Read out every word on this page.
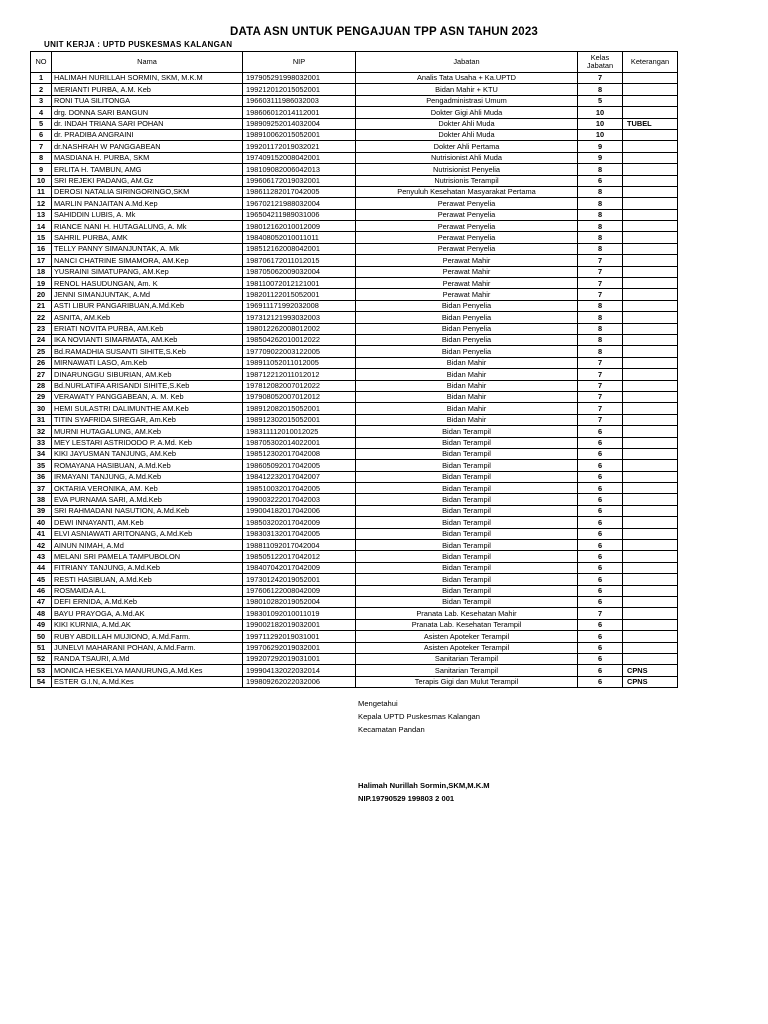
DATA ASN UNTUK PENGAJUAN TPP ASN TAHUN 2023
UNIT KERJA : UPTD PUSKESMAS KALANGAN
NO	Nama	NIP	Jabatan	Kelas
Jabatan	Keterangan
1	HALIMAH NURILLAH SORMIN, SKM, M.K.M	197905291998032001	Analis Tata Usaha + Ka.UPTD	7	
2	MERIANTI PURBA, A.M. Keb	199212012015052001	Bidan Mahir + KTU	8	
3	RONI TUA SILITONGA	196603111986032003	Pengadministrasi Umum	5	
4	drg. DONNA SARI BANGUN	198606012014112001	Dokter Gigi Ahli Muda	10	
5	dr. INDAH TRIANA SARI POHAN	198909252014032004	Dokter Ahli Muda	10	TUBEL
6	dr. PRADIBA ANGRAINI	198910062015052001	Dokter Ahli Muda	10	
7	dr.NASHRAH W PANGGABEAN	199201172019032021	Dokter Ahli Pertama	9	
8	MASDIANA H. PURBA, SKM	197409152008042001	Nutrisionist Ahli Muda	9	
9	ERLITA H. TAMBUN, AMG	198109082006042013	Nutrisionist Penyelia	8	
10	SRI REJEKI PADANG, AM.Gz	199606172019032001	Nutrisionis Terampil	6	
11	DEROSI NATALIA SIRINGORINGO,SKM	198611282017042005	Penyuluh Kesehatan Masyarakat Pertama	8	
12	MARLIN PANJAITAN A.Md.Kep	196702121988032004	Perawat Penyelia	8	
13	SAHIDDIN LUBIS, A. Mk	196504211989031006	Perawat Penyelia	8	
14	RIANCE NANI H. HUTAGALUNG, A. Mk	198012162010012009	Perawat Penyelia	8	
15	SAHRIL PURBA, AMK	198408052010011011	Perawat Penyelia	8	
16	TELLY PANNY SIMANJUNTAK, A. Mk	198512162008042001	Perawat Penyelia	8	
17	NANCI CHATRINE SIMAMORA, AM.Kep	198706172011012015	Perawat Mahir	7	
18	YUSRAINI SIMATUPANG, AM.Kep	198705062009032004	Perawat Mahir	7	
19	RENOL HASUDUNGAN, Am. K	198110072012121001	Perawat Mahir	7	
20	JENNI SIMANJUNTAK, A.Md	198201122015052001	Perawat Mahir	7	
21	ASTI LIBUR PANGARIBUAN,A.Md.Keb	196911171992032008	Bidan Penyelia	8	
22	ASNITA, AM.Keb	197312121993032003	Bidan Penyelia	8	
23	ERIATI NOVITA PURBA, AM.Keb	198012262008012002	Bidan Penyelia	8	
24	IKA NOVIANTI SIMARMATA, AM.Keb	198504262010012022	Bidan Penyelia	8	
25	Bd.RAMADHIA SUSANTI SIHITE,S.Keb	197709022003122005	Bidan Penyelia	8	
26	MIRNAWATI LASO, Am.Keb	198911052011012005	Bidan Mahir	7	
27	DINARUNGGU SIBURIAN, AM.Keb	198712212011012012	Bidan Mahir	7	
28	Bd.NURLATIFA ARISANDI SIHITE,S.Keb	197812082007012022	Bidan Mahir	7	
29	VERAWATY PANGGABEAN, A. M. Keb	197908052007012012	Bidan Mahir	7	
30	HEMI SULASTRI DALIMUNTHE AM.Keb	198912082015052001	Bidan Mahir	7	
31	TITIN SYAFRIDA SIREGAR, Am.Keb	198912302015052001	Bidan Mahir	7	
32	MURNI HUTAGALUNG, AM.Keb	198311112010012025	Bidan Terampil	6	
33	MEY LESTARI ASTRIDODO P. A.Md. Keb	198705302014022001	Bidan Terampil	6	
34	KIKI JAYUSMAN TANJUNG, AM.Keb	198512302017042008	Bidan Terampil	6	
35	ROMAYANA HASIBUAN, A.Md.Keb	198605092017042005	Bidan Terampil	6	
36	IRMAYANI TANJUNG, A.Md.Keb	198412232017042007	Bidan Terampil	6	
37	OKTARIA VERONIKA, AM. Keb	198510032017042005	Bidan Terampil	6	
38	EVA PURNAMA SARI, A.Md.Keb	199003222017042003	Bidan Terampil	6	
39	SRI RAHMADANI NASUTION, A.Md.Keb	199004182017042006	Bidan Terampil	6	
40	DEWI INNAYANTI, AM.Keb	198503202017042009	Bidan Terampil	6	
41	ELVI ASNIAWATI ARITONANG, A.Md.Keb	198303132017042005	Bidan Terampil	6	
42	AINUN NIMAH, A.Md	198811092017042004	Bidan Terampil	6	
43	MELANI SRI PAMELA TAMPUBOLON	198505122017042012	Bidan Terampil	6	
44	FITRIANY TANJUNG, A.Md.Keb	198407042017042009	Bidan Terampil	6	
45	RESTI HASIBUAN, A.Md.Keb	197301242019052001	Bidan Terampil	6	
46	ROSMAIDA A.L	197606122008042009	Bidan Terampil	6	
47	DEFI ERNIDA, A.Md.Keb	198010282019052004	Bidan Terampil	6	
48	BAYU PRAYOGA, A.Md.AK	198301092010011019	Pranata Lab. Kesehatan Mahir	7	
49	KIKI KURNIA, A.Md.AK	199002182019032001	Pranata Lab. Kesehatan Terampil	6	
50	RUBY ABDILLAH MUJIONO, A.Md.Farm.	199711292019031001	Asisten Apoteker Terampil	6	
51	JUNELVI MAHARANI POHAN, A.Md.Farm.	199706292019032001	Asisten Apoteker Terampil	6	
52	RANDA TSAURI, A.Md	199207292019031001	Sanitarian Terampil	6	
53	MONICA HESKELYA MANURUNG,A.Md.Kes	199904132022032014	Sanitarian Terampil	6	CPNS
54	ESTER G.I.N, A.Md.Kes	199809262022032006	Terapis Gigi dan Mulut Terampil	6	CPNS
Mengetahui
Kepala UPTD Puskesmas Kalangan
Kecamatan Pandan
Halimah Nurillah Sormin,SKM,M.K.M
NIP.19790529 199803 2 001
